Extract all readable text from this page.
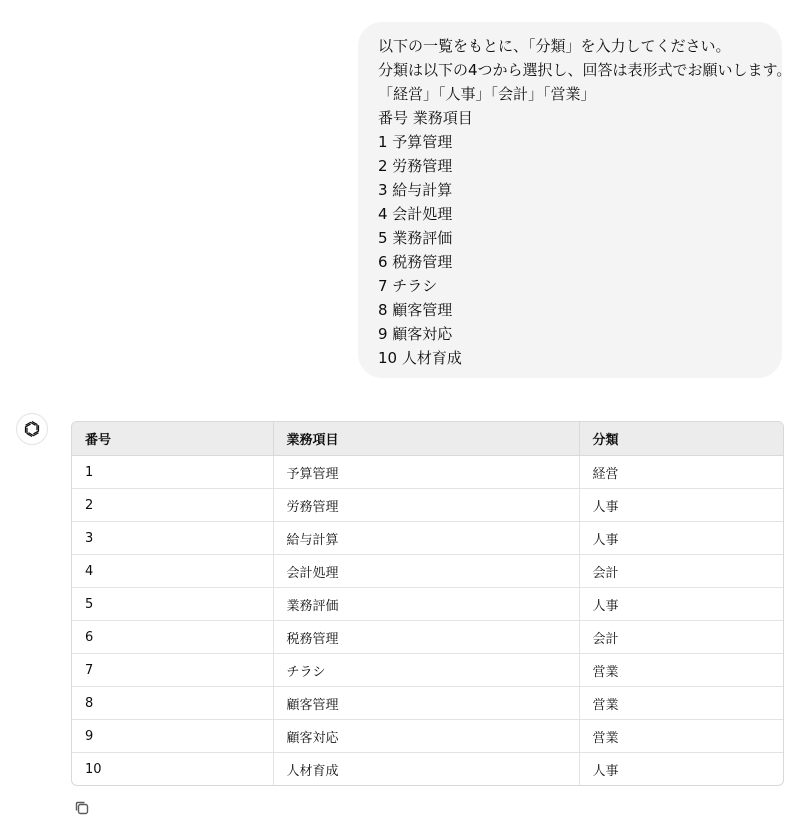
以下の一覧をもとに、「分類」を入力してください。
分類は以下の4つから選択し、回答は表形式でお願いします。
「経営」「人事」「会計」「営業」
番号 業務項目
1 予算管理
2 労務管理
3 給与計算
4 会計処理
5 業務評価
6 税務管理
7 チラシ
8 顧客管理
9 顧客対応
10 人材育成
番号	業務項目	分類
1	予算管理	経営
2	労務管理	人事
3	給与計算	人事
4	会計処理	会計
5	業務評価	人事
6	税務管理	会計
7	チラシ	営業
8	顧客管理	営業
9	顧客対応	営業
10	人材育成	人事
